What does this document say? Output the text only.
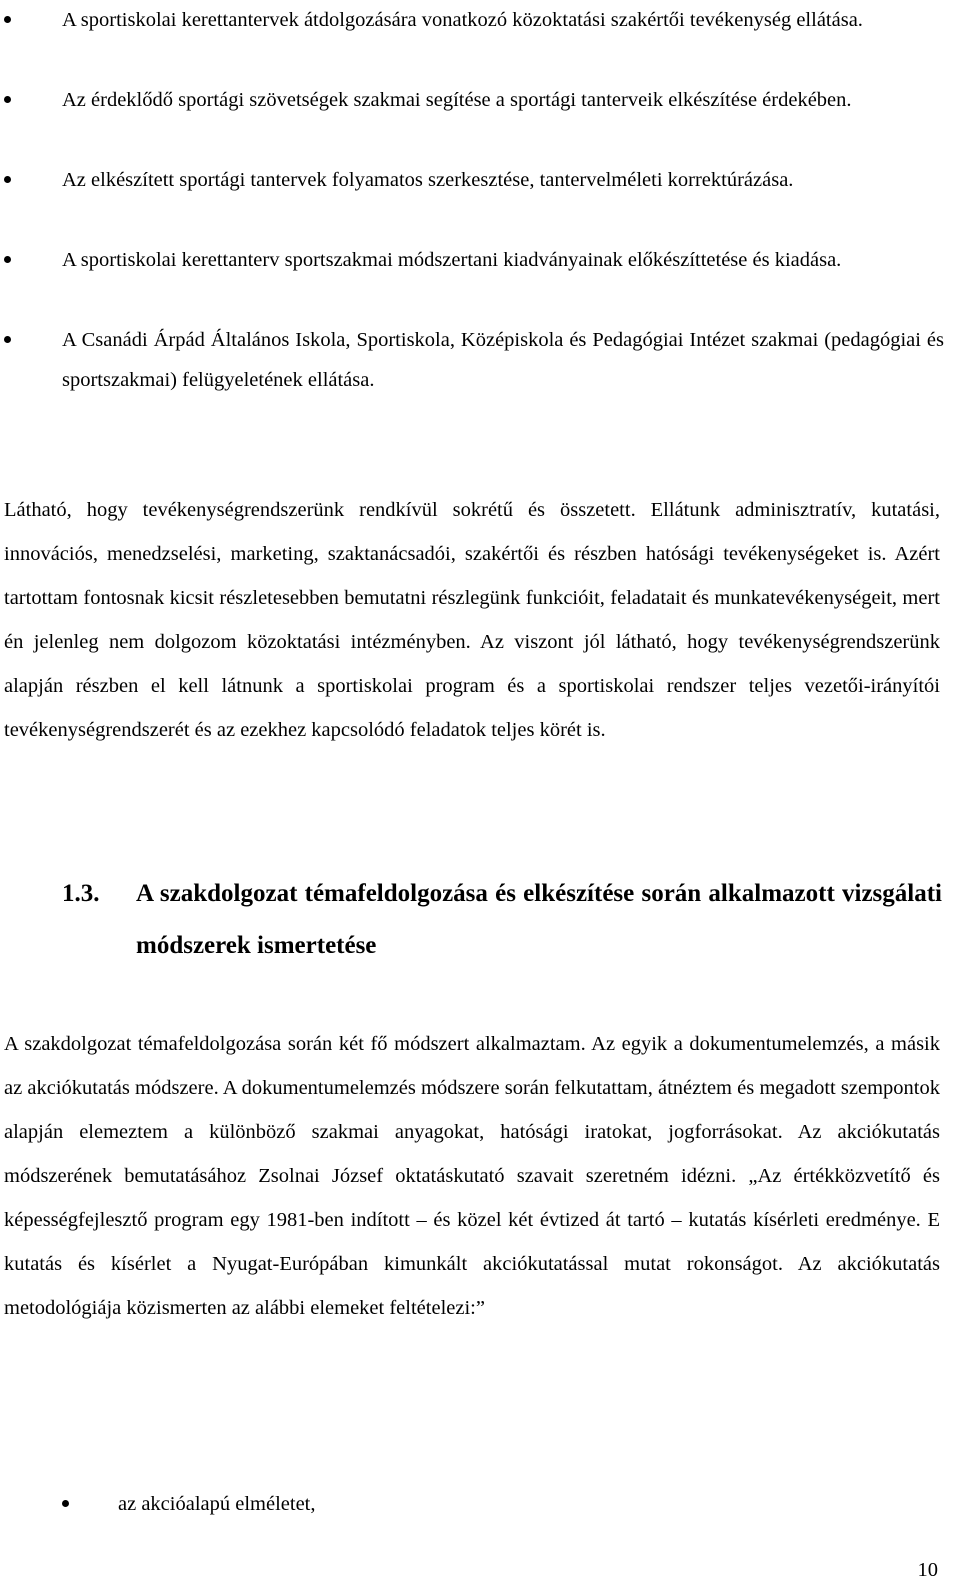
A sportiskolai kerettantervek átdolgozására vonatkozó közoktatási szakértői tevékenység ellátása.
Az érdeklődő sportági szövetségek szakmai segítése a sportági tanterveik elkészítése érdekében.
Az elkészített sportági tantervek folyamatos szerkesztése, tantervelméleti korrektúrázása.
A sportiskolai kerettanterv sportszakmai módszertani kiadványainak előkészíttetése és kiadása.
A Csanádi Árpád Általános Iskola, Sportiskola, Középiskola és Pedagógiai Intézet szakmai (pedagógiai és sportszakmai) felügyeletének ellátása.

Látható, hogy tevékenységrendszerünk rendkívül sokrétű és összetett. Ellátunk adminisztratív, kutatási, innovációs, menedzselési, marketing, szaktanácsadói, szakértői és részben hatósági tevékenységeket is. Azért tartottam fontosnak kicsit részletesebben bemutatni részlegünk funkcióit, feladatait és munkatevékenységeit, mert én jelenleg nem dolgozom közoktatási intézményben. Az viszont jól látható, hogy tevékenységrendszerünk alapján részben el kell látnunk a sportiskolai program és a sportiskolai rendszer teljes vezetői-irányítói tevékenységrendszerét és az ezekhez kapcsolódó feladatok teljes körét is.

1.3. A szakdolgozat témafeldolgozása és elkészítése során alkalmazott vizsgálati módszerek ismertetése

A szakdolgozat témafeldolgozása során két fő módszert alkalmaztam. Az egyik a dokumentumelemzés, a másik az akciókutatás módszere. A dokumentumelemzés módszere során felkutattam, átnéztem és megadott szempontok alapján elemeztem a különböző szakmai anyagokat, hatósági iratokat, jogforrásokat. Az akciókutatás módszerének bemutatásához Zsolnai József oktatáskutató szavait szeretném idézni. „Az értékközvetítő és képességfejlesztő program egy 1981-ben indított – és közel két évtized át tartó – kutatás kísérleti eredménye. E kutatás és kísérlet a Nyugat-Európában kimunkált akciókutatással mutat rokonságot. Az akciókutatás metodológiája közismerten az alábbi elemeket feltételezi:”

az akcióalapú elméletet,
10
